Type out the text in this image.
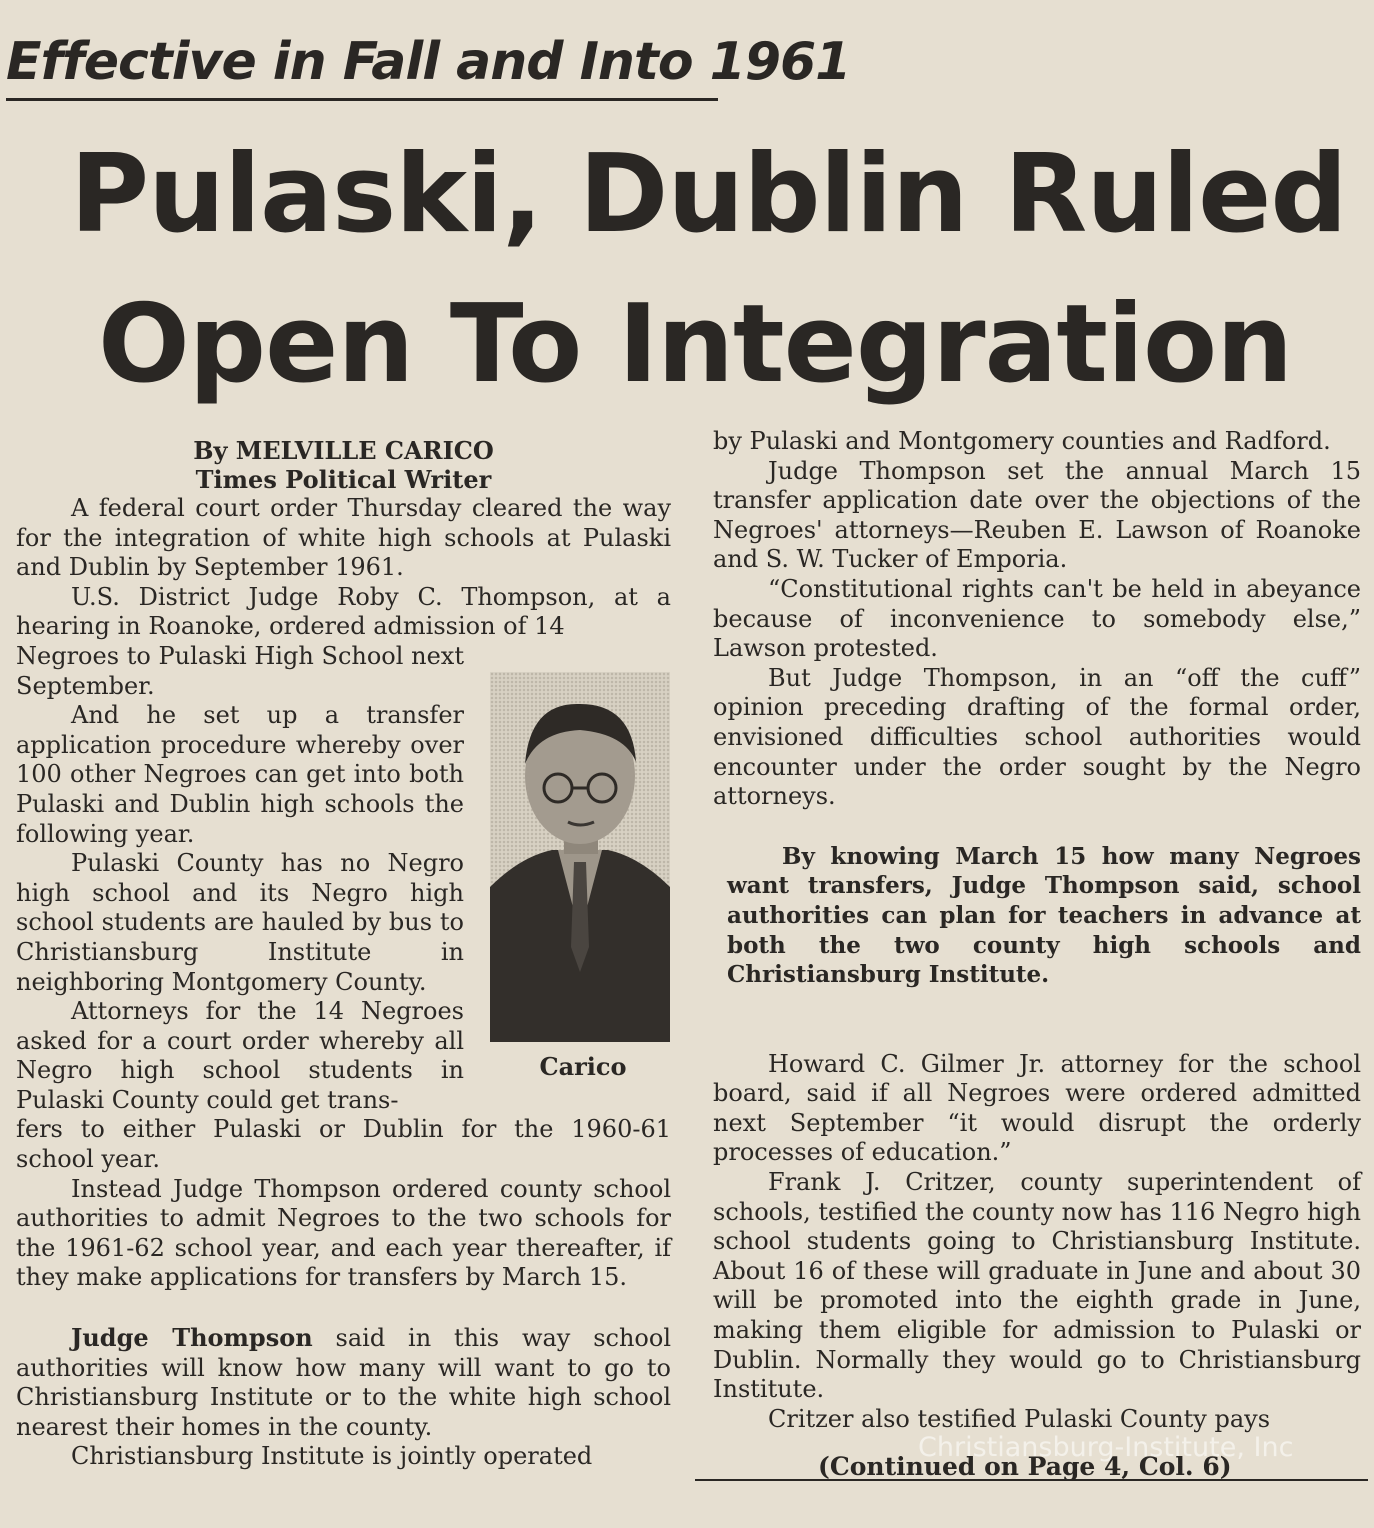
Effective in Fall and Into 1961
Pulaski, Dublin Ruled
Open To Integration
By MELVILLE CARICO
Times Political Writer

A federal court order Thursday cleared the way for the integration of white high schools at Pulaski and Dublin by September 1961.

U.S. District Judge Roby C. Thompson, at a hearing in Roanoke, ordered admission of 14

Negroes to Pulaski High School next September.

And he set up a transfer application procedure whereby over 100 other Negroes can get into both Pulaski and Dublin high schools the following year.

Pulaski County has no Negro high school and its Negro high school students are hauled by bus to Christiansburg Institute in neighboring Montgomery County.

Attorneys for the 14 Negroes asked for a court order whereby all Negro high school students in Pulaski County could get trans-

fers to either Pulaski or Dublin for the 1960-61 school year.

Instead Judge Thompson ordered county school authorities to admit Negroes to the two schools for the 1961-62 school year, and each year thereafter, if they make applications for transfers by March 15.

Judge Thompson said in this way school authorities will know how many will want to go to Christiansburg Institute or to the white high school nearest their homes in the county.

Christiansburg Institute is jointly operated

Carico

by Pulaski and Montgomery counties and Radford.

Judge Thompson set the annual March 15 transfer application date over the objections of the Negroes' attorneys—Reuben E. Lawson of Roanoke and S. W. Tucker of Emporia.

“Constitutional rights can't be held in abeyance because of inconvenience to somebody else,” Lawson protested.

But Judge Thompson, in an “off the cuff” opinion preceding drafting of the formal order, envisioned difficulties school authorities would encounter under the order sought by the Negro attorneys.

By knowing March 15 how many Negroes want transfers, Judge Thompson said, school authorities can plan for teachers in advance at both the two county high schools and Christiansburg Institute.

Howard C. Gilmer Jr. attorney for the school board, said if all Negroes were ordered admitted next September “it would disrupt the orderly processes of education.”

Frank J. Critzer, county superintendent of schools, testified the county now has 116 Negro high school students going to Christiansburg Institute. About 16 of these will graduate in June and about 30 will be promoted into the eighth grade in June, making them eligible for admission to Pulaski or Dublin. Normally they would go to Christiansburg Institute.

Critzer also testified Pulaski County pays

Christiansburg-Institute, Inc
(Continued on Page 4, Col. 6)
